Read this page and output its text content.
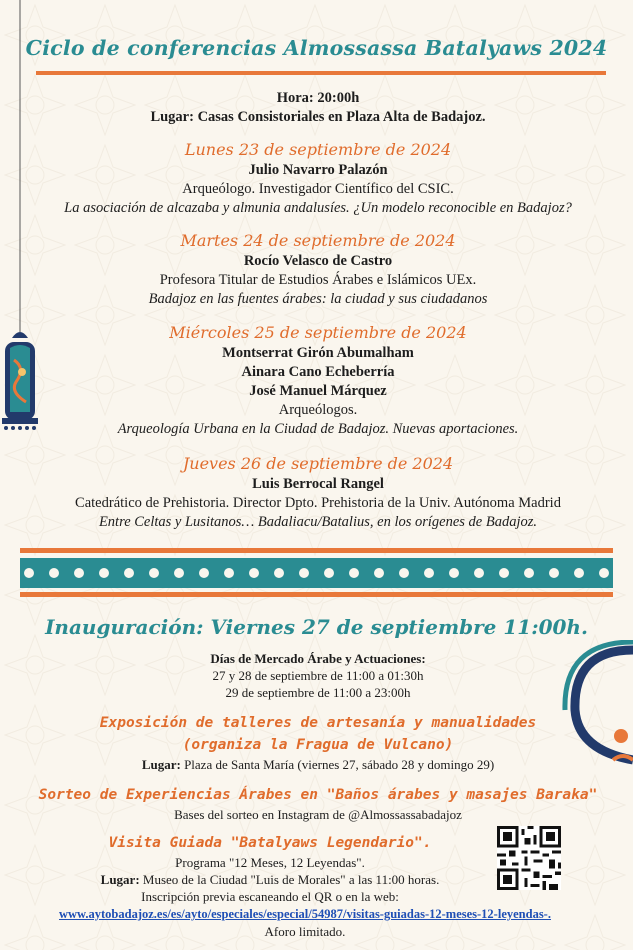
Ciclo de conferencias Almossassa Batalyaws 2024
Hora: 20:00h
Lugar: Casas Consistoriales en Plaza Alta de Badajoz.
Lunes 23 de septiembre de 2024
Julio Navarro Palazón
Arqueólogo. Investigador Científico del CSIC.
La asociación de alcazaba y almunia andalusíes. ¿Un modelo reconocible en Badajoz?
Martes 24 de septiembre de 2024
Rocío Velasco de Castro
Profesora Titular de Estudios Árabes e Islámicos UEx.
Badajoz en las fuentes árabes: la ciudad y sus ciudadanos
Miércoles 25 de septiembre de 2024
Montserrat Girón Abumalham
Ainara Cano Echeberría
José Manuel Márquez
Arqueólogos.
Arqueología Urbana en la Ciudad de Badajoz. Nuevas aportaciones.
Jueves 26 de septiembre de 2024
Luis Berrocal Rangel
Catedrático de Prehistoria. Director Dpto. Prehistoria de la Univ. Autónoma Madrid
Entre Celtas y Lusitanos… Badaliacu/Batalius, en los orígenes de Badajoz.
Inauguración: Viernes 27 de septiembre 11:00h.
Días de Mercado Árabe y Actuaciones:
27 y 28 de septiembre de 11:00 a 01:30h
29 de septiembre de 11:00 a 23:00h
Exposición de talleres de artesanía y manualidades
(organiza la Fragua de Vulcano)
Lugar: Plaza de Santa María (viernes 27, sábado 28 y domingo 29)
Sorteo de Experiencias Árabes en "Baños árabes y masajes Baraka"
Bases del sorteo en Instagram de @Almossassabadajoz
Visita Guiada "Batalyaws Legendario".
Programa "12 Meses, 12 Leyendas".
Lugar: Museo de la Ciudad "Luis de Morales" a las 11:00 horas.
Inscripción previa escaneando el QR o en la web:
www.aytobadajoz.es/es/ayto/especiales/especial/54987/visitas-guiadas-12-meses-12-leyendas-.
Aforo limitado.
